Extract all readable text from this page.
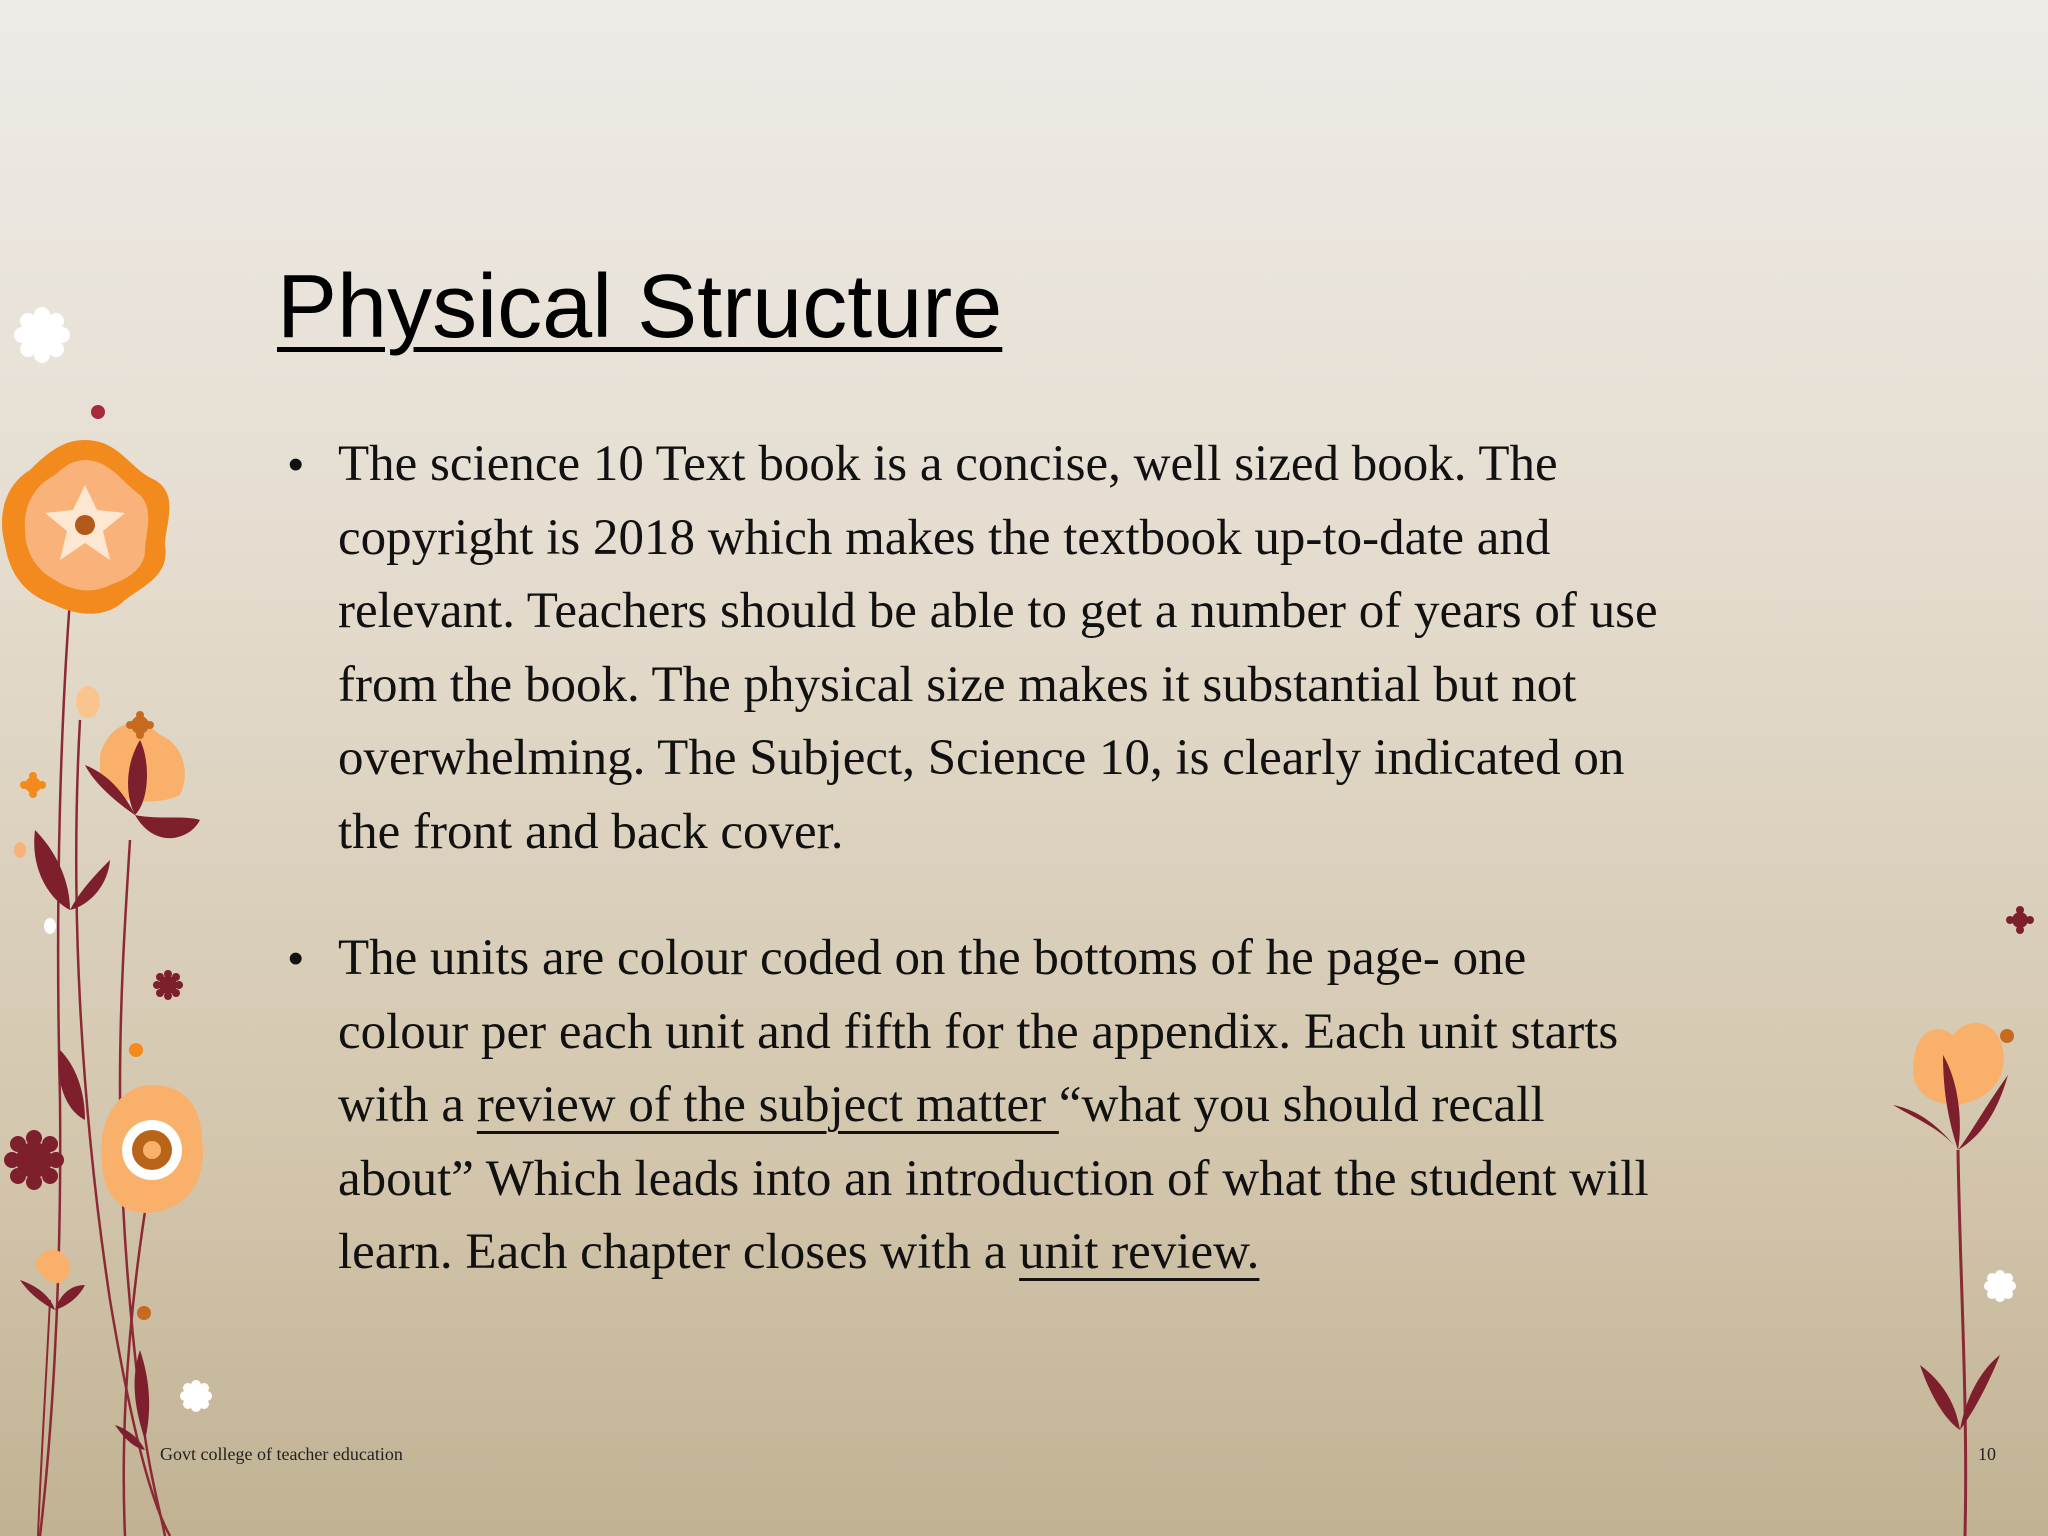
Physical Structure
• The science 10 Text book is a concise, well sized book. The
copyright is 2018 which makes the textbook up-to-date and
relevant. Teachers should be able to get a number of years of use
from the book. The physical size makes it substantial but not
overwhelming. The Subject, Science 10, is clearly indicated on
the front and back cover.
• The units are colour coded on the bottoms of he page- one
colour per each unit and fifth for the appendix. Each unit starts
with a review of the subject matter “what you should recall
about” Which leads into an introduction of what the student will
learn. Each chapter closes with a unit review.
Govt college of teacher education	10
